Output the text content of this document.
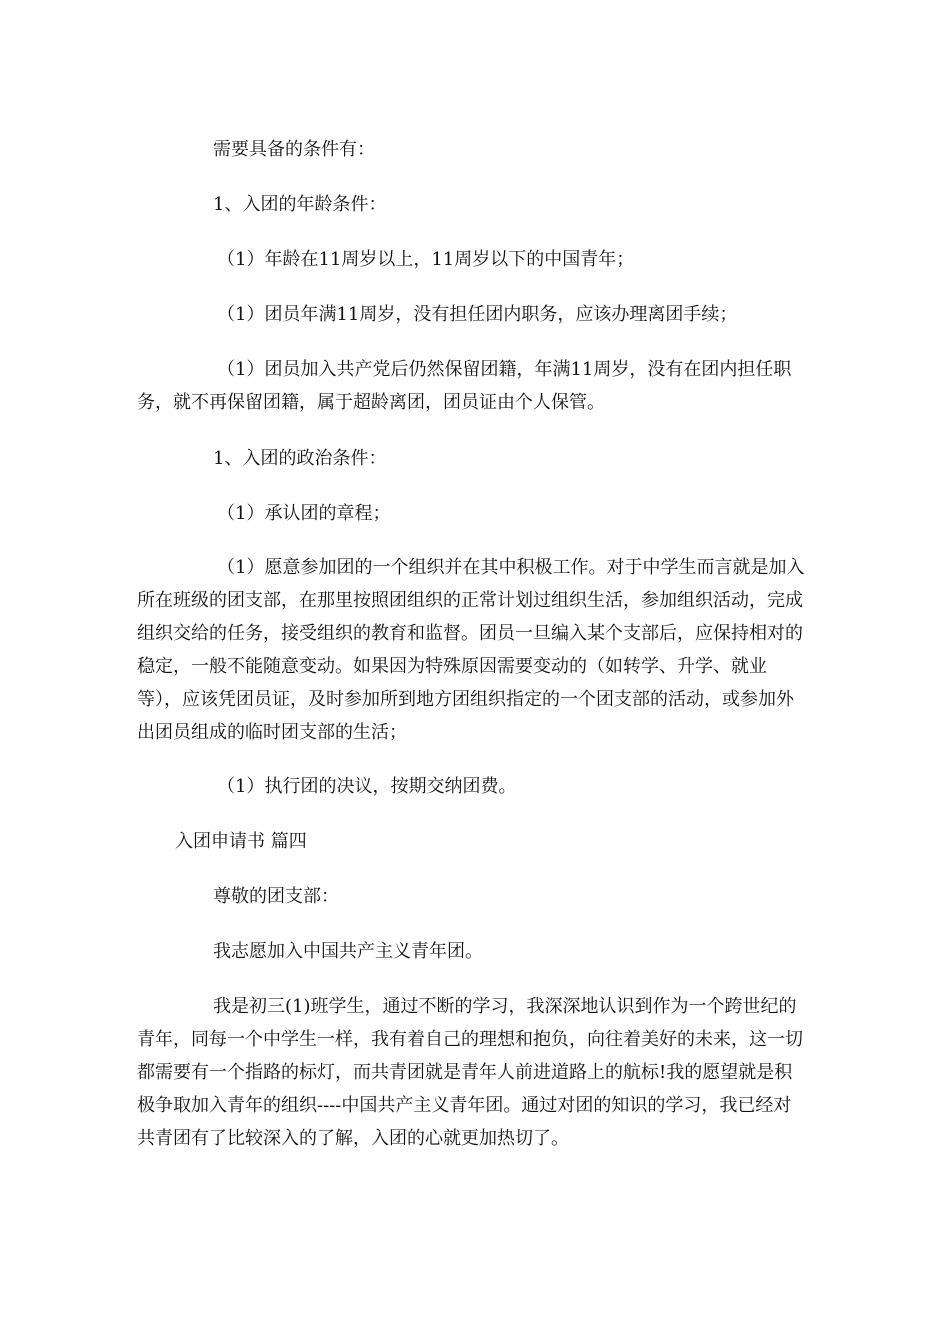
需要具备的条件有：

1、入团的年龄条件：

（1）年龄在11周岁以上，11周岁以下的中国青年；

（1）团员年满11周岁，没有担任团内职务，应该办理离团手续；

（1）团员加入共产党后仍然保留团籍，年满11周岁，没有在团内担任职务，就不再保留团籍，属于超龄离团，团员证由个人保管。

1、入团的政治条件：

（1）承认团的章程；

（1）愿意参加团的一个组织并在其中积极工作。对于中学生而言就是加入所在班级的团支部，在那里按照团组织的正常计划过组织生活，参加组织活动，完成组织交给的任务，接受组织的教育和监督。团员一旦编入某个支部后，应保持相对的稳定，一般不能随意变动。如果因为特殊原因需要变动的（如转学、升学、就业等），应该凭团员证，及时参加所到地方团组织指定的一个团支部的活动，或参加外出团员组成的临时团支部的生活；

（1）执行团的决议，按期交纳团费。

入团申请书 篇四

尊敬的团支部：

我志愿加入中国共产主义青年团。

我是初三(1)班学生，通过不断的学习，我深深地认识到作为一个跨世纪的青年，同每一个中学生一样，我有着自己的理想和抱负，向往着美好的未来，这一切都需要有一个指路的标灯，而共青团就是青年人前进道路上的航标!我的愿望就是积极争取加入青年的组织----中国共产主义青年团。通过对团的知识的学习，我已经对共青团有了比较深入的了解，入团的心就更加热切了。
